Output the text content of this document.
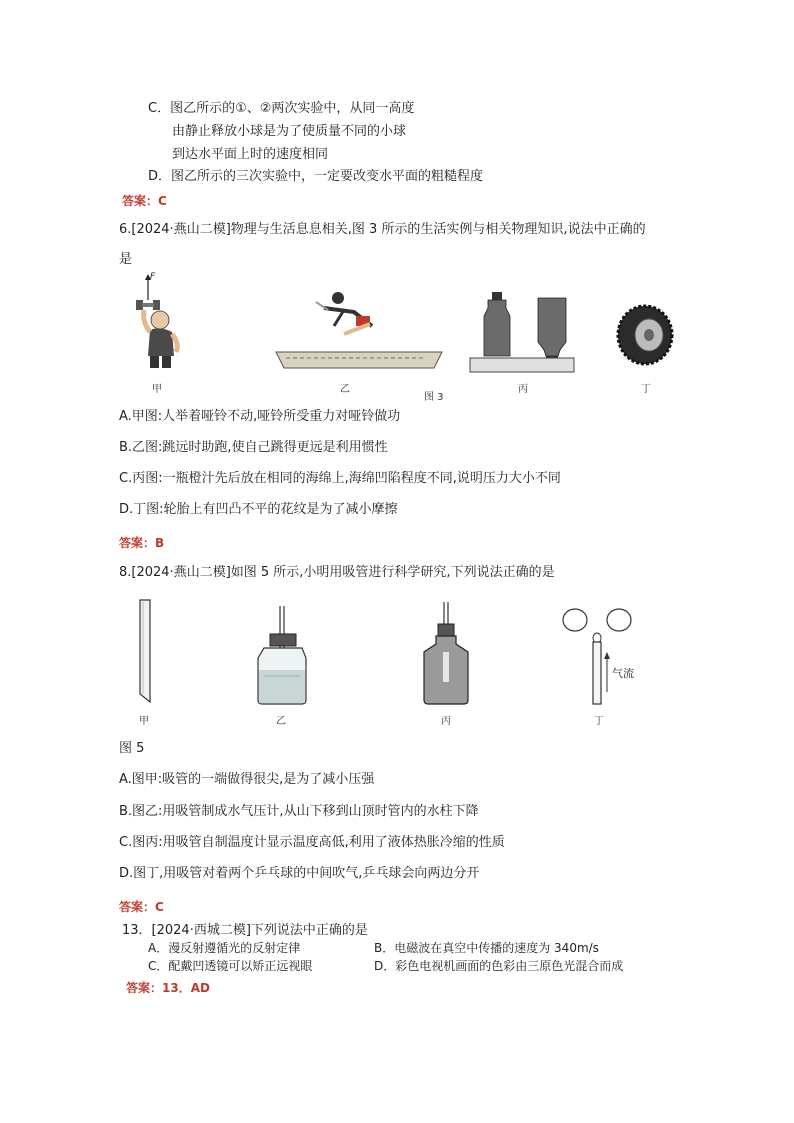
C．图乙所示的①、②两次实验中，从同一高度
由静止释放小球是为了使质量不同的小球
到达水平面上时的速度相同
D．图乙所示的三次实验中，一定要改变水平面的粗糙程度
答案：C
6.[2024·燕山二模]物理与生活息息相关,图 3 所示的生活实例与相关物理知识,说法中正确的
是
F
甲	乙
图 3
丙	丁
A.甲图:人举着哑铃不动,哑铃所受重力对哑铃做功
B.乙图:跳远时助跑,使自己跳得更远是利用惯性
C.丙图:一瓶橙汁先后放在相同的海绵上,海绵凹陷程度不同,说明压力大小不同
D.丁图:轮胎上有凹凸不平的花纹是为了减小摩擦
答案：B
8.[2024·燕山二模]如图 5 所示,小明用吸管进行科学研究,下列说法正确的是
甲	乙	丙
气流
丁
图 5
A.图甲:吸管的一端做得很尖,是为了减小压强
B.图乙:用吸管制成水气压计,从山下移到山顶时管内的水柱下降
C.图丙:用吸管自制温度计显示温度高低,利用了液体热胀冷缩的性质
D.图丁,用吸管对着两个乒乓球的中间吹气,乒乓球会向两边分开
答案：C
13．[2024·西城二模]下列说法中正确的是
A．漫反射遵循光的反射定律	B．电磁波在真空中传播的速度为 340m/s
C．配戴凹透镜可以矫正远视眼	D．彩色电视机画面的色彩由三原色光混合而成
答案：13．AD
